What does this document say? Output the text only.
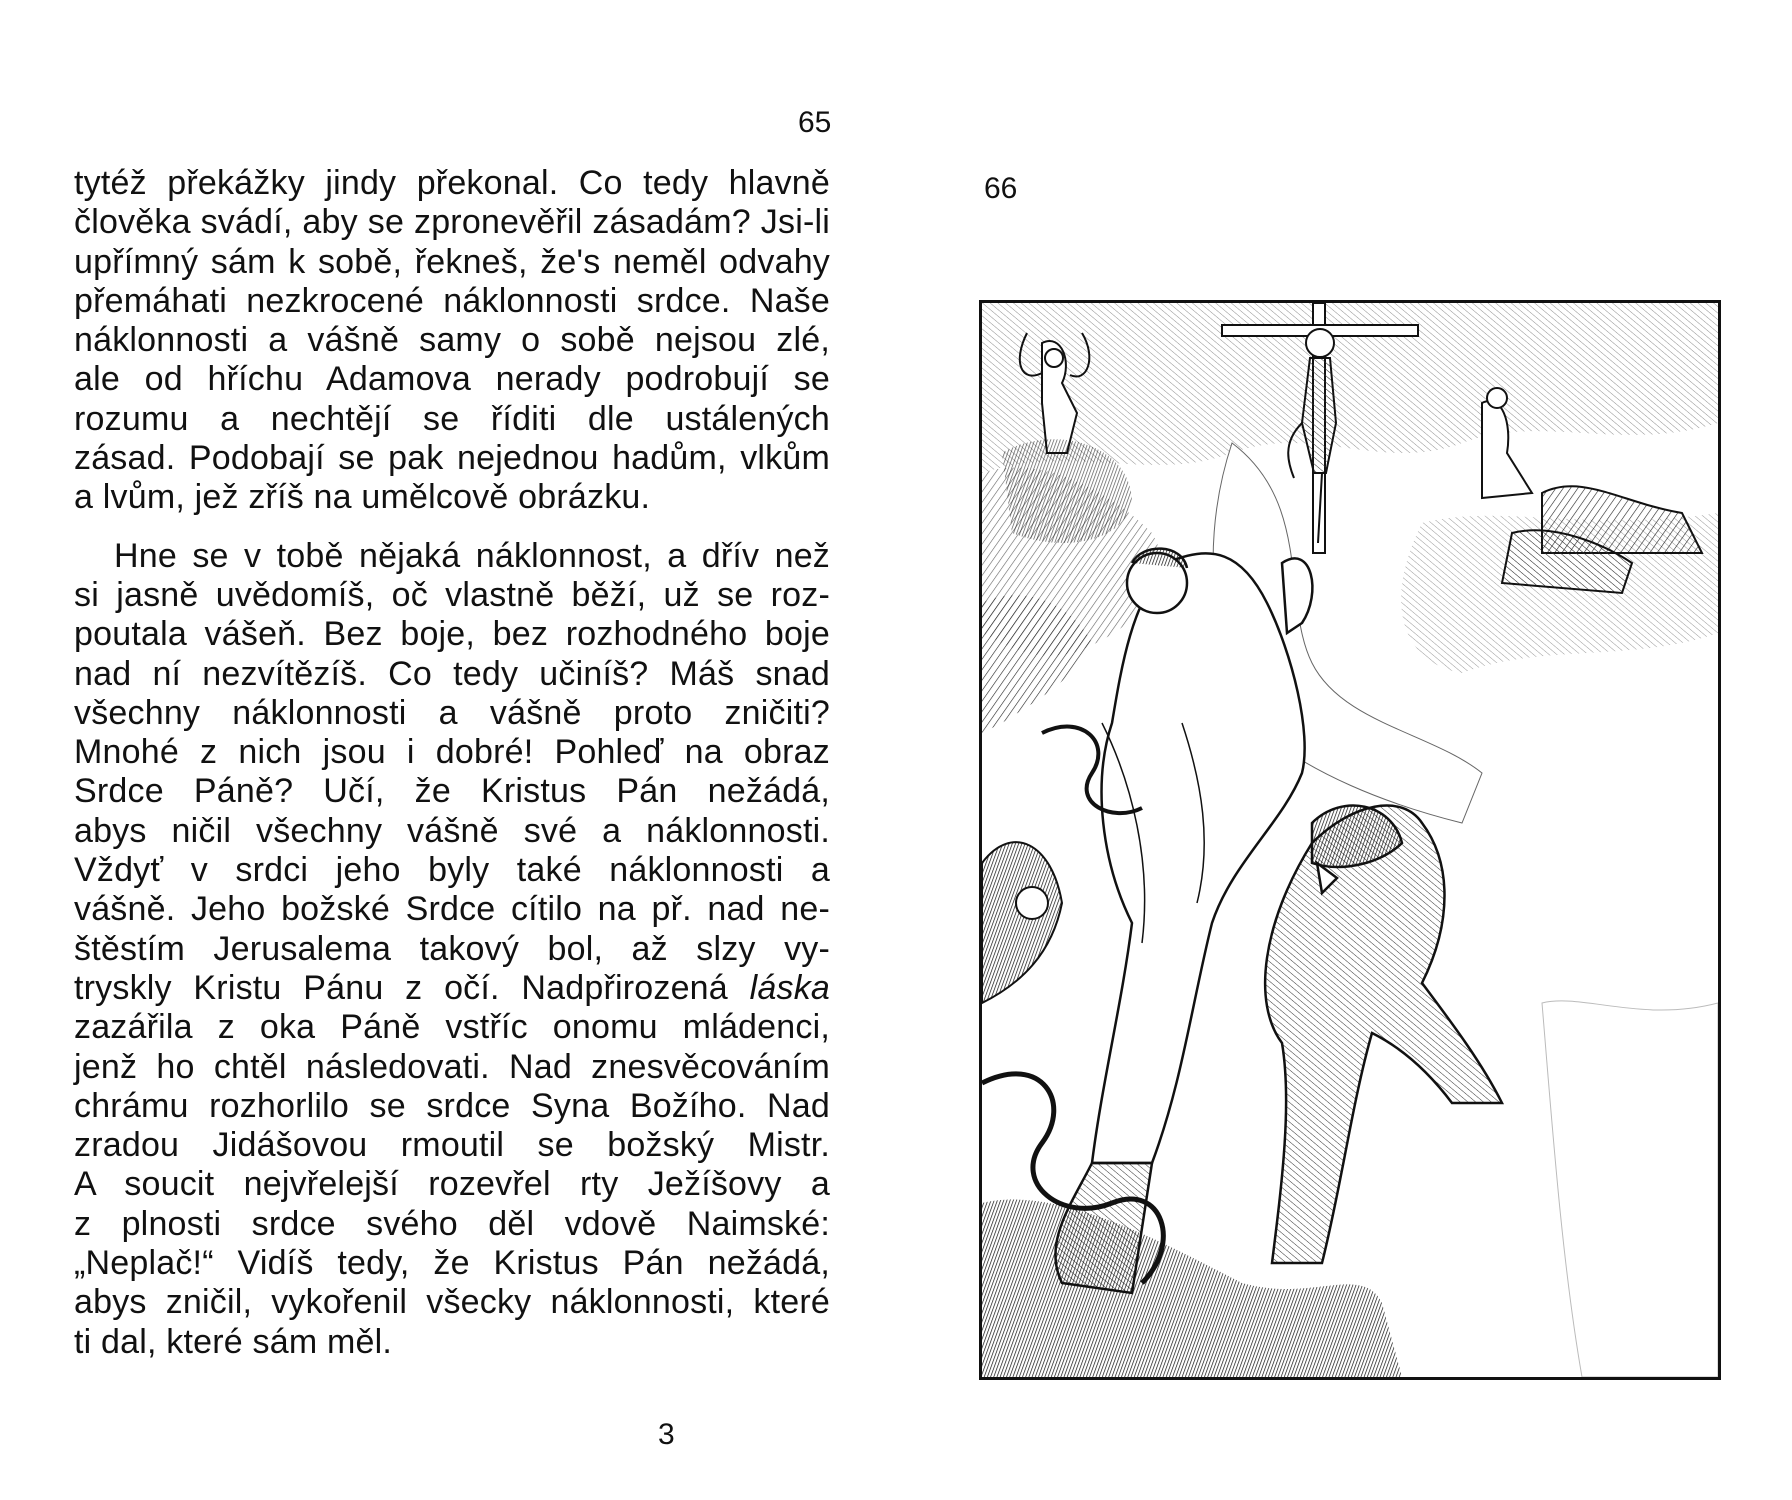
65
66
3
tytéž překážky jindy překonal. Co tedy hlavně
člověka svádí, aby se zpronevěřil zásadám? Jsi-li
upřímný sám k sobě, řekneš, že's neměl odvahy
přemáhati nezkrocené náklonnosti srdce. Naše
náklonnosti a vášně samy o sobě nejsou zlé,
ale od hříchu Adamova nerady podrobují se
rozumu a nechtějí se říditi dle ustálených
zásad. Podobají se pak nejednou hadům, vlkům
a lvům, jež zříš na umělcově obrázku.
Hne se v tobě nějaká náklonnost, a dřív než
si jasně uvědomíš, oč vlastně běží, už se roz-
poutala vášeň. Bez boje, bez rozhodného boje
nad ní nezvítězíš. Co tedy učiníš? Máš snad
všechny náklonnosti a vášně proto zničiti?
Mnohé z nich jsou i dobré! Pohleď na obraz
Srdce Páně? Učí, že Kristus Pán nežádá,
abys ničil všechny vášně své a náklonnosti.
Vždyť v srdci jeho byly také náklonnosti a
vášně. Jeho božské Srdce cítilo na př. nad ne-
štěstím Jerusalema takový bol, až slzy vy-
tryskly Kristu Pánu z očí. Nadpřirozená láska
zazářila z oka Páně vstříc onomu mládenci,
jenž ho chtěl následovati. Nad znesvěcováním
chrámu rozhorlilo se srdce Syna Božího. Nad
zradou Jidášovou rmoutil se božský Mistr.
A soucit nejvřelejší rozevřel rty Ježíšovy a
z plnosti srdce svého děl vdově Naimské:
„Neplač!“ Vidíš tedy, že Kristus Pán nežádá,
abys zničil, vykořenil všecky náklonnosti, které
ti dal, které sám měl.
